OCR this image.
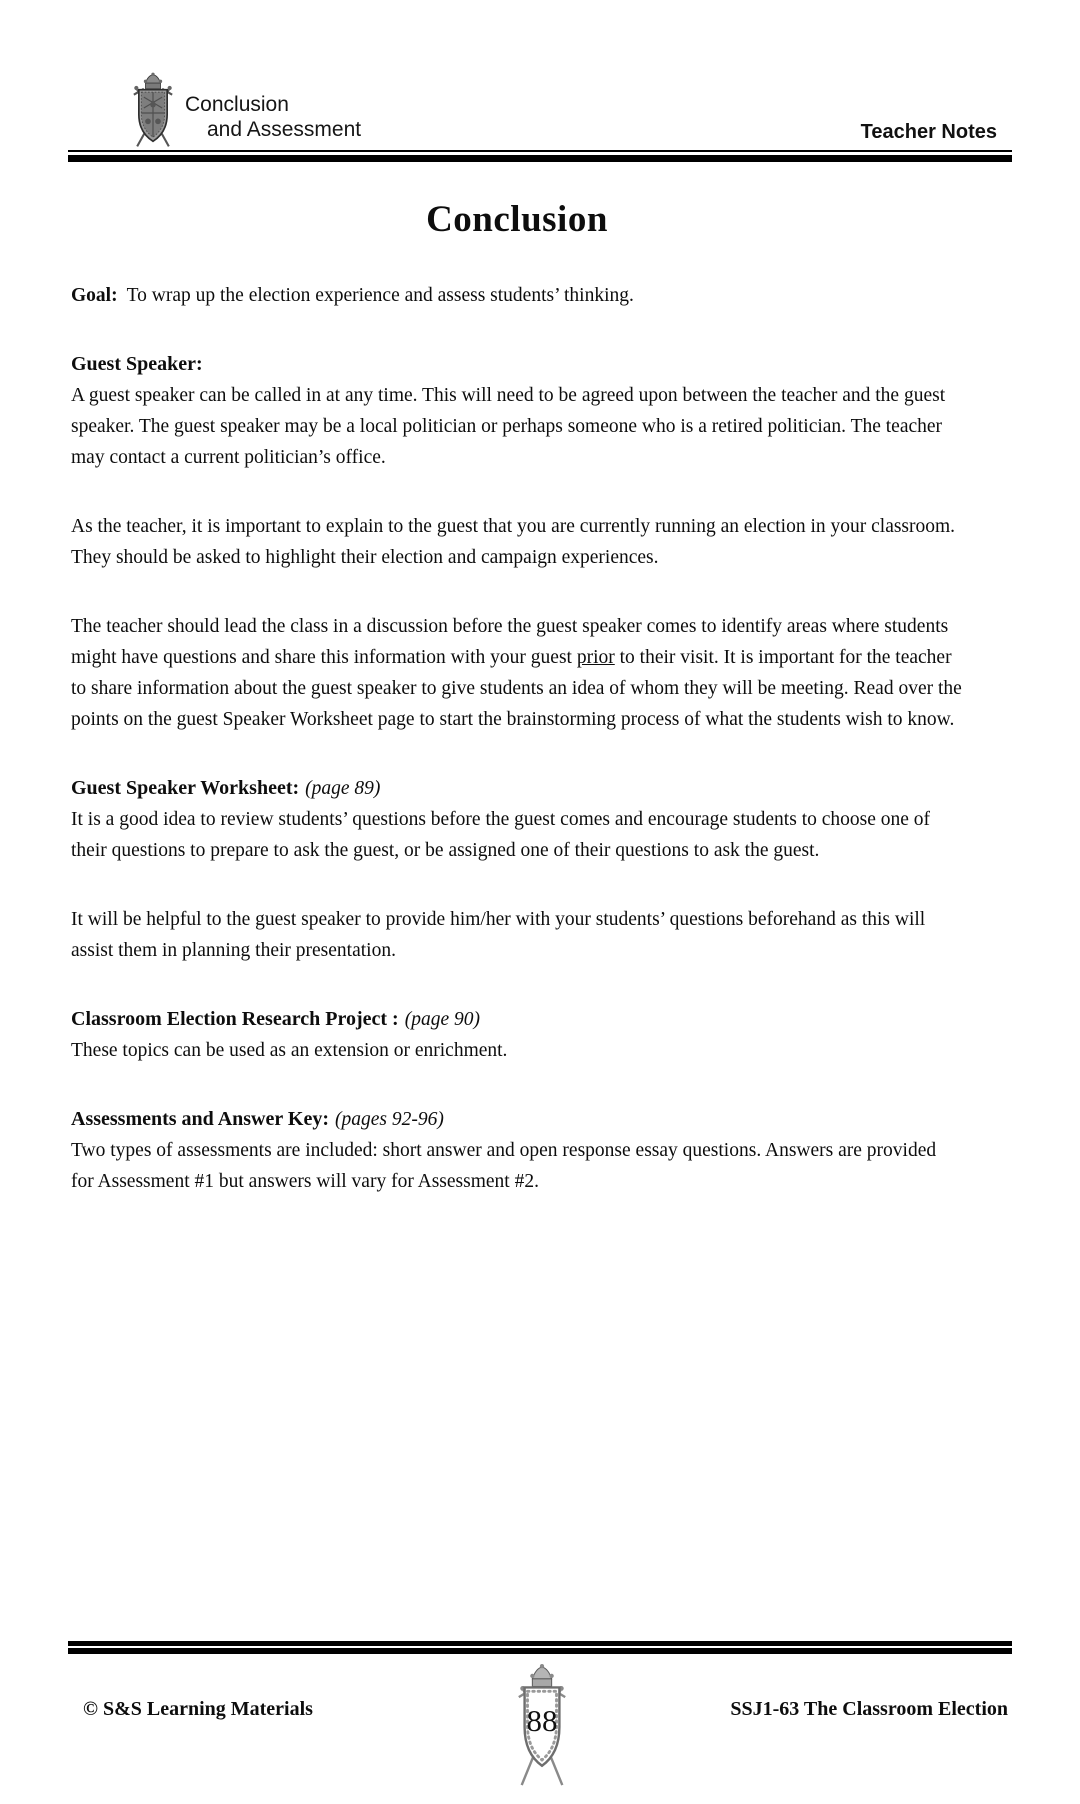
Conclusion
and Assessment	Teacher Notes
Conclusion

Goal: To wrap up the election experience and assess students’ thinking.

Guest Speaker:

A guest speaker can be called in at any time. This will need to be agreed upon between the teacher and the guest speaker. The guest speaker may be a local politician or perhaps someone who is a retired politician. The teacher may contact a current politician’s office.

As the teacher, it is important to explain to the guest that you are currently running an election in your classroom. They should be asked to highlight their election and campaign experiences.

The teacher should lead the class in a discussion before the guest speaker comes to identify areas where students might have questions and share this information with your guest prior to their visit. It is important for the teacher to share information about the guest speaker to give students an idea of whom they will be meeting. Read over the points on the guest Speaker Worksheet page to start the brainstorming process of what the students wish to know.

Guest Speaker Worksheet: (page 89)

It is a good idea to review students’ questions before the guest comes and encourage students to choose one of their questions to prepare to ask the guest, or be assigned one of their questions to ask the guest.

It will be helpful to the guest speaker to provide him/her with your students’ questions beforehand as this will assist them in planning their presentation.

Classroom Election Research Project : (page 90)

These topics can be used as an extension or enrichment.

Assessments and Answer Key: (pages 92-96)

Two types of assessments are included: short answer and open response essay questions. Answers are provided for Assessment #1 but answers will vary for Assessment #2.

© S&S Learning Materials	88	SSJ1-63 The Classroom Election
